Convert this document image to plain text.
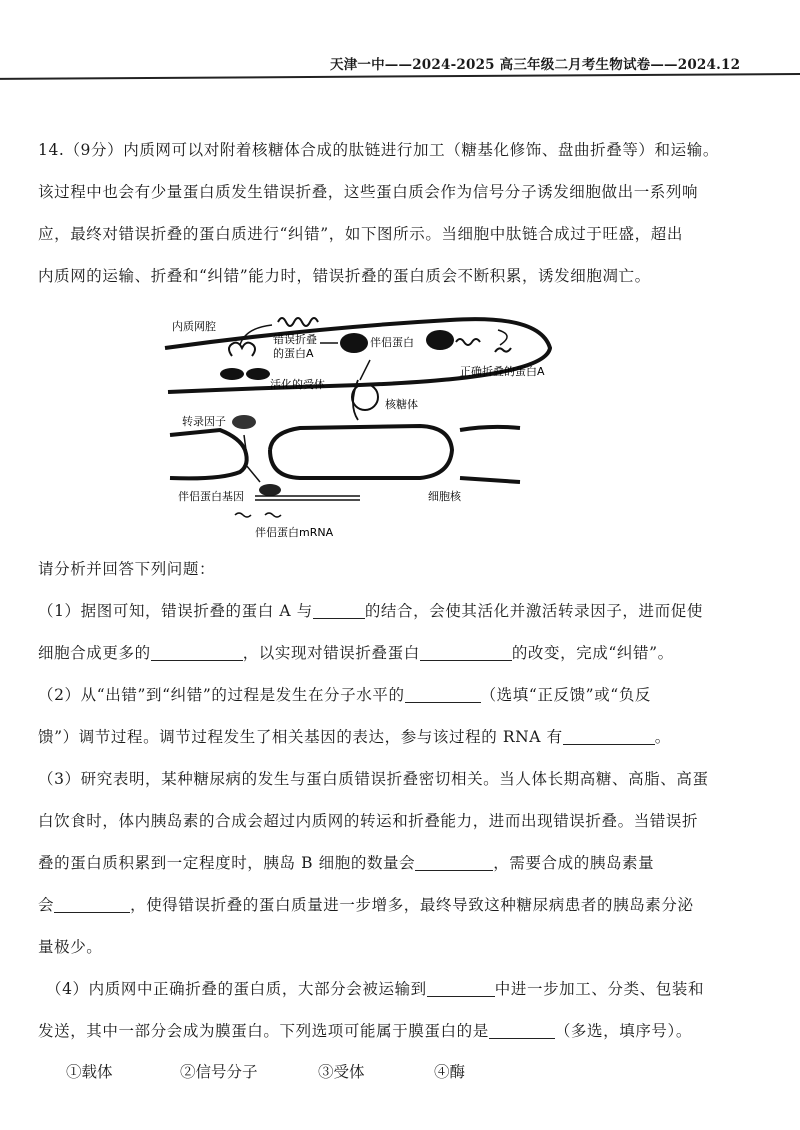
天津一中——2024-2025 高三年级二月考生物试卷——2024.12
14.（9分）内质网可以对附着核糖体合成的肽链进行加工（糖基化修饰、盘曲折叠等）和运输。
该过程中也会有少量蛋白质发生错误折叠，这些蛋白质会作为信号分子诱发细胞做出一系列响
应，最终对错误折叠的蛋白质进行“纠错”，如下图所示。当细胞中肽链合成过于旺盛，超出
内质网的运输、折叠和“纠错”能力时，错误折叠的蛋白质会不断积累，诱发细胞凋亡。
内质网腔
错误折叠
的蛋白A
伴侣蛋白
正确折叠的蛋白A
活化的受体
核糖体
转录因子
伴侣蛋白基因	细胞核
伴侣蛋白mRNA
请分析并回答下列问题：
（1）据图可知，错误折叠的蛋白 A 与	的结合，会使其活化并激活转录因子，进而促使
细胞合成更多的	，以实现对错误折叠蛋白	的改变，完成“纠错”。
（2）从“出错”到“纠错”的过程是发生在分子水平的	（选填“正反馈”或“负反
馈”）调节过程。调节过程发生了相关基因的表达，参与该过程的 RNA 有	。
（3）研究表明，某种糖尿病的发生与蛋白质错误折叠密切相关。当人体长期高糖、高脂、高蛋
白饮食时，体内胰岛素的合成会超过内质网的转运和折叠能力，进而出现错误折叠。当错误折
叠的蛋白质积累到一定程度时，胰岛 B 细胞的数量会	，需要合成的胰岛素量
会	，使得错误折叠的蛋白质量进一步增多，最终导致这种糖尿病患者的胰岛素分泌
量极少。
（4）内质网中正确折叠的蛋白质，大部分会被运输到	中进一步加工、分类、包装和
发送，其中一部分会成为膜蛋白。下列选项可能属于膜蛋白的是	（多选，填序号）。
①载体	②信号分子	③受体	④酶
